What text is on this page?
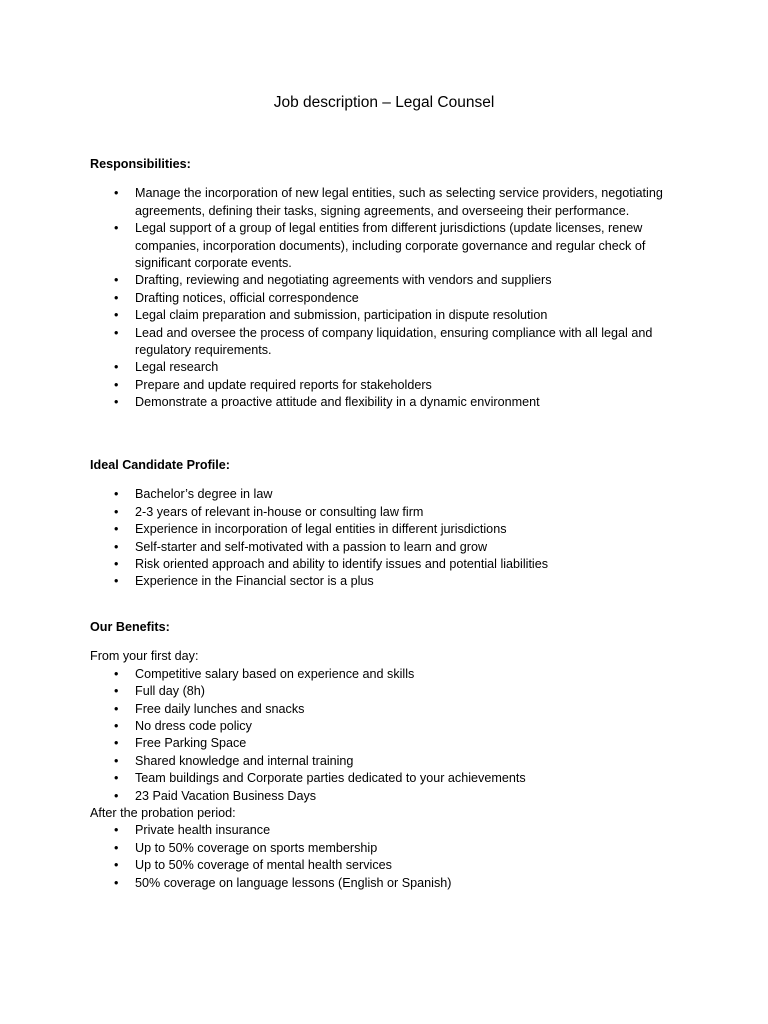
Job description – Legal Counsel

Responsibilities:

• Manage the incorporation of new legal entities, such as selecting service providers, negotiating agreements, defining their tasks, signing agreements, and overseeing their performance.
• Legal support of a group of legal entities from different jurisdictions (update licenses, renew companies, incorporation documents), including corporate governance and regular check of significant corporate events.
• Drafting, reviewing and negotiating agreements with vendors and suppliers
• Drafting notices, official correspondence
• Legal claim preparation and submission, participation in dispute resolution
• Lead and oversee the process of company liquidation, ensuring compliance with all legal and regulatory requirements.
• Legal research
• Prepare and update required reports for stakeholders
• Demonstrate a proactive attitude and flexibility in a dynamic environment

Ideal Candidate Profile:

• Bachelor’s degree in law
• 2-3 years of relevant in-house or consulting law firm
• Experience in incorporation of legal entities in different jurisdictions
• Self-starter and self-motivated with a passion to learn and grow
• Risk oriented approach and ability to identify issues and potential liabilities
• Experience in the Financial sector is a plus

Our Benefits:

From your first day:

• Competitive salary based on experience and skills
• Full day (8h)
• Free daily lunches and snacks
• No dress code policy
• Free Parking Space
• Shared knowledge and internal training
• Team buildings and Corporate parties dedicated to your achievements
• 23 Paid Vacation Business Days

After the probation period:

• Private health insurance
• Up to 50% coverage on sports membership
• Up to 50% coverage of mental health services
• 50% coverage on language lessons (English or Spanish)
